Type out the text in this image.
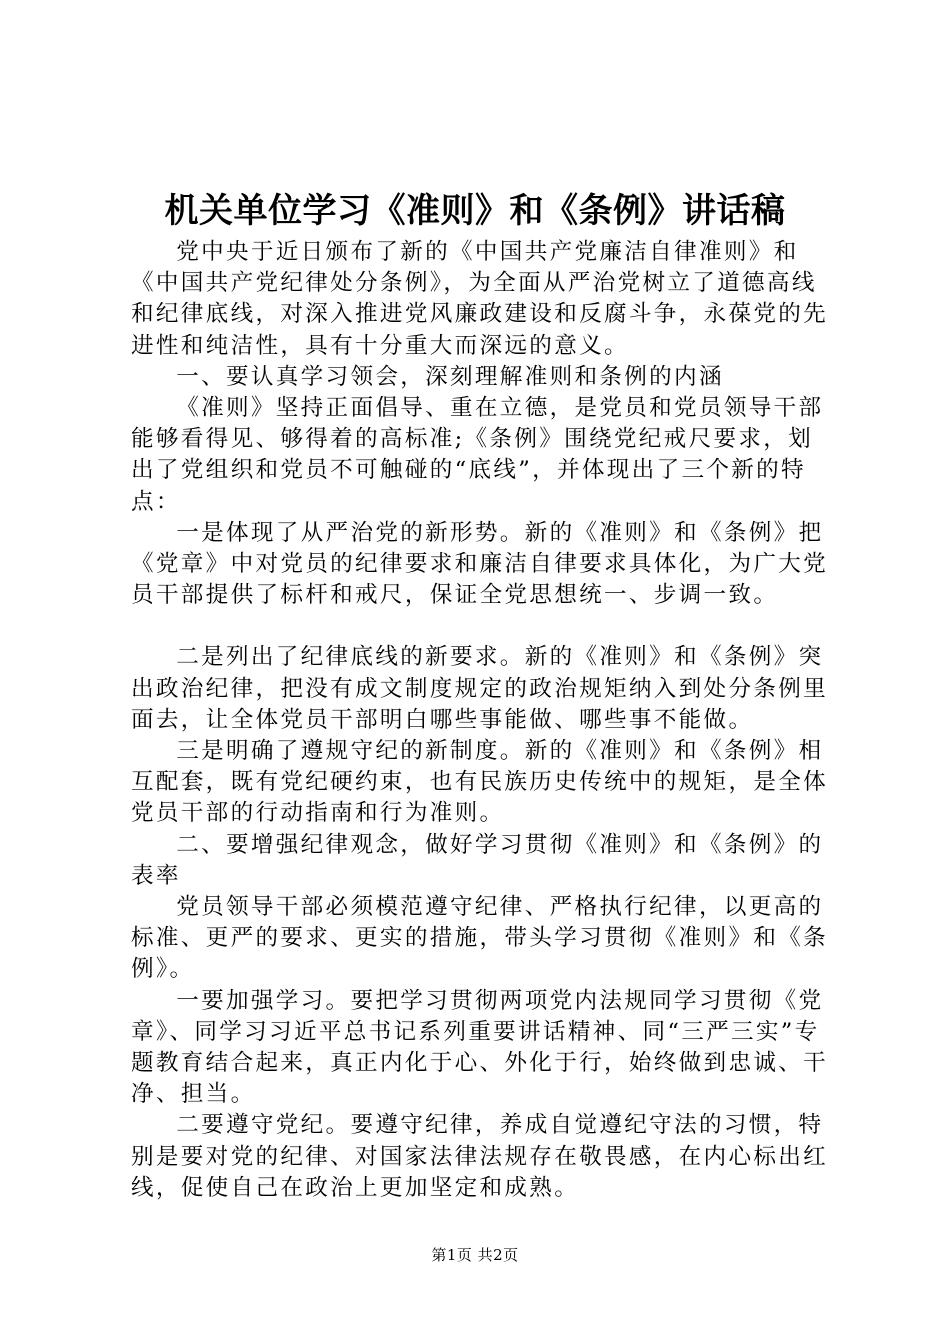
机关单位学习《准则》和《条例》讲话稿

党中央于近日颁布了新的《中国共产党廉洁自律准则》和《中国共产党纪律处分条例》，为全面从严治党树立了道德高线和纪律底线，对深入推进党风廉政建设和反腐斗争，永葆党的先进性和纯洁性，具有十分重大而深远的意义。

一、要认真学习领会，深刻理解准则和条例的内涵

《准则》坚持正面倡导、重在立德，是党员和党员领导干部能够看得见、够得着的高标准;《条例》围绕党纪戒尺要求，划出了党组织和党员不可触碰的“底线”，并体现出了三个新的特点：

一是体现了从严治党的新形势。新的《准则》和《条例》把《党章》中对党员的纪律要求和廉洁自律要求具体化，为广大党员干部提供了标杆和戒尺，保证全党思想统一、步调一致。

二是列出了纪律底线的新要求。新的《准则》和《条例》突出政治纪律，把没有成文制度规定的政治规矩纳入到处分条例里面去，让全体党员干部明白哪些事能做、哪些事不能做。

三是明确了遵规守纪的新制度。新的《准则》和《条例》相互配套，既有党纪硬约束，也有民族历史传统中的规矩，是全体党员干部的行动指南和行为准则。

二、要增强纪律观念，做好学习贯彻《准则》和《条例》的表率

党员领导干部必须模范遵守纪律、严格执行纪律，以更高的标准、更严的要求、更实的措施，带头学习贯彻《准则》和《条例》。

一要加强学习。要把学习贯彻两项党内法规同学习贯彻《党章》、同学习习近平总书记系列重要讲话精神、同“三严三实”专题教育结合起来，真正内化于心、外化于行，始终做到忠诚、干净、担当。

二要遵守党纪。要遵守纪律，养成自觉遵纪守法的习惯，特别是要对党的纪律、对国家法律法规存在敬畏感，在内心标出红线，促使自己在政治上更加坚定和成熟。

第1页 共2页
